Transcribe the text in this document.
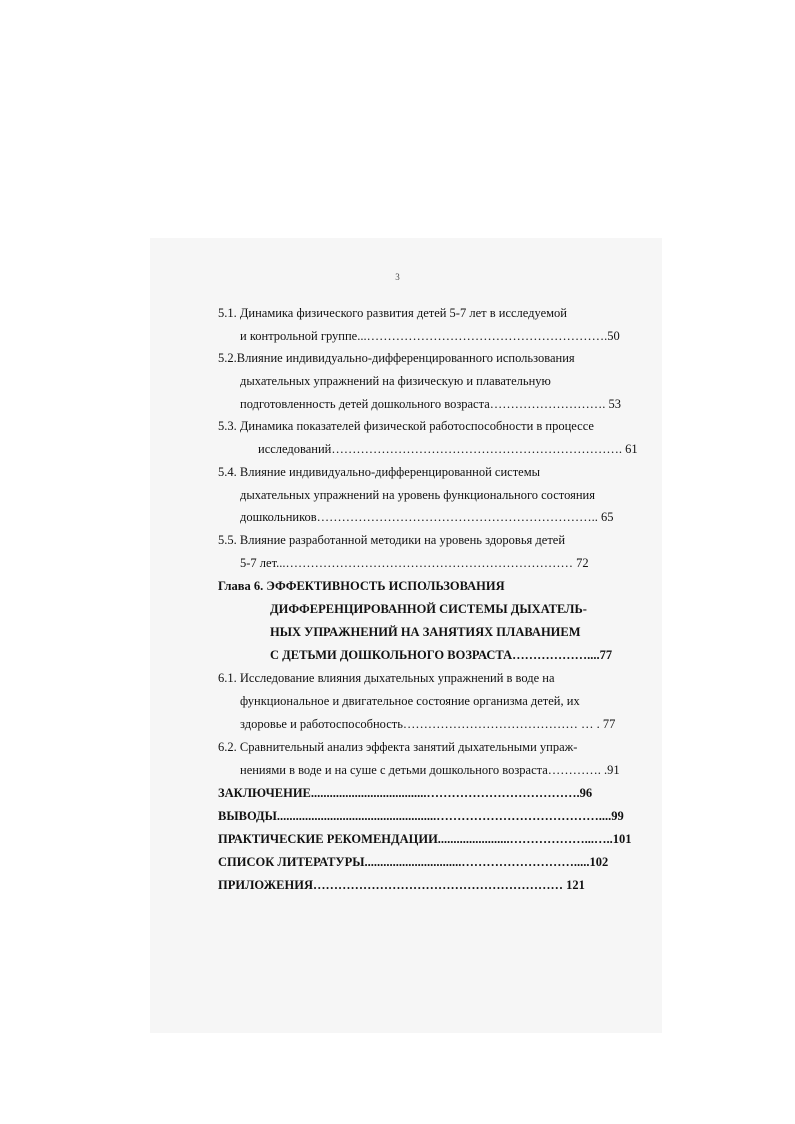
3
5.1. Динамика физического развития детей 5-7 лет в исследуемой
и контрольной группе...………………………………………………….50
5.2.Влияние индивидуально-дифференцированного использования
дыхательных упражнений на физическую и плавательную
подготовленность детей дошкольного возраста………………………. 53
5.3. Динамика показателей физической работоспособности в процессе
исследований……………………………………………………………. 61
5.4. Влияние индивидуально-дифференцированной системы
дыхательных упражнений на уровень функционального состояния
дошкольников………………………………………………………….. 65
5.5. Влияние разработанной методики на уровень здоровья детей
5-7 лет...…………………………………………………………… 72
Глава 6. ЭФФЕКТИВНОСТЬ ИСПОЛЬЗОВАНИЯ
ДИФФЕРЕНЦИРОВАННОЙ СИСТЕМЫ ДЫХАТЕЛЬ-
НЫХ УПРАЖНЕНИЙ НА ЗАНЯТИЯХ ПЛАВАНИЕМ
С ДЕТЬМИ ДОШКОЛЬНОГО ВОЗРАСТА………………....77
6.1. Исследование влияния дыхательных упражнений в воде на
функциональное и двигательное состояние организма детей, их
здоровье и работоспособность…………………………………… … . 77
6.2. Сравнительный анализ эффекта занятий дыхательными упраж-
нениями в воде и на суше с детьми дошкольного возраста…………. .91
ЗАКЛЮЧЕНИЕ.....................................……………………………….96
ВЫВОДЫ...................................................…………………………………....99
ПРАКТИЧЕСКИЕ РЕКОМЕНДАЦИИ.......................………………...…..101
СПИСОК ЛИТЕРАТУРЫ...............................……………………….....102
ПРИЛОЖЕНИЯ…………………………………………………… 121
